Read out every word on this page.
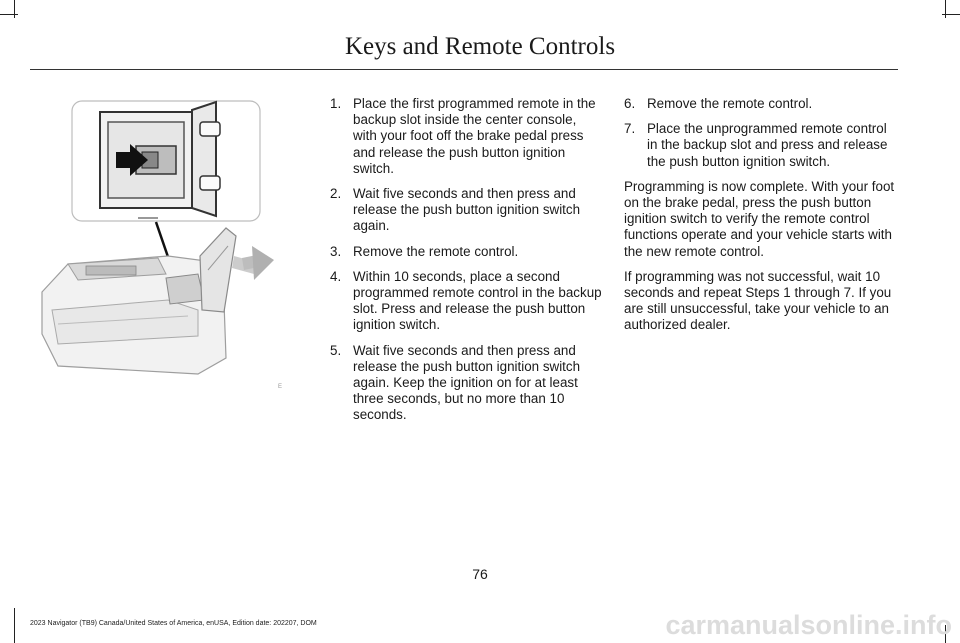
Keys and Remote Controls
E
1. Place the first programmed remote in the backup slot inside the center console, with your foot off the brake pedal press and release the push button ignition switch.
2. Wait five seconds and then press and release the push button ignition switch again.
3. Remove the remote control.
4. Within 10 seconds, place a second programmed remote control in the backup slot. Press and release the push button ignition switch.
5. Wait five seconds and then press and release the push button ignition switch again. Keep the ignition on for at least three seconds, but no more than 10 seconds.
6. Remove the remote control.
7. Place the unprogrammed remote control in the backup slot and press and release the push button ignition switch.

Programming is now complete. With your foot on the brake pedal, press the push button ignition switch to verify the remote control functions operate and your vehicle starts with the new remote control.

If programming was not successful, wait 10 seconds and repeat Steps 1 through 7. If you are still unsuccessful, take your vehicle to an authorized dealer.

76
2023 Navigator (TB9) Canada/United States of America, enUSA, Edition date: 202207, DOM	carmanualsonline.info
